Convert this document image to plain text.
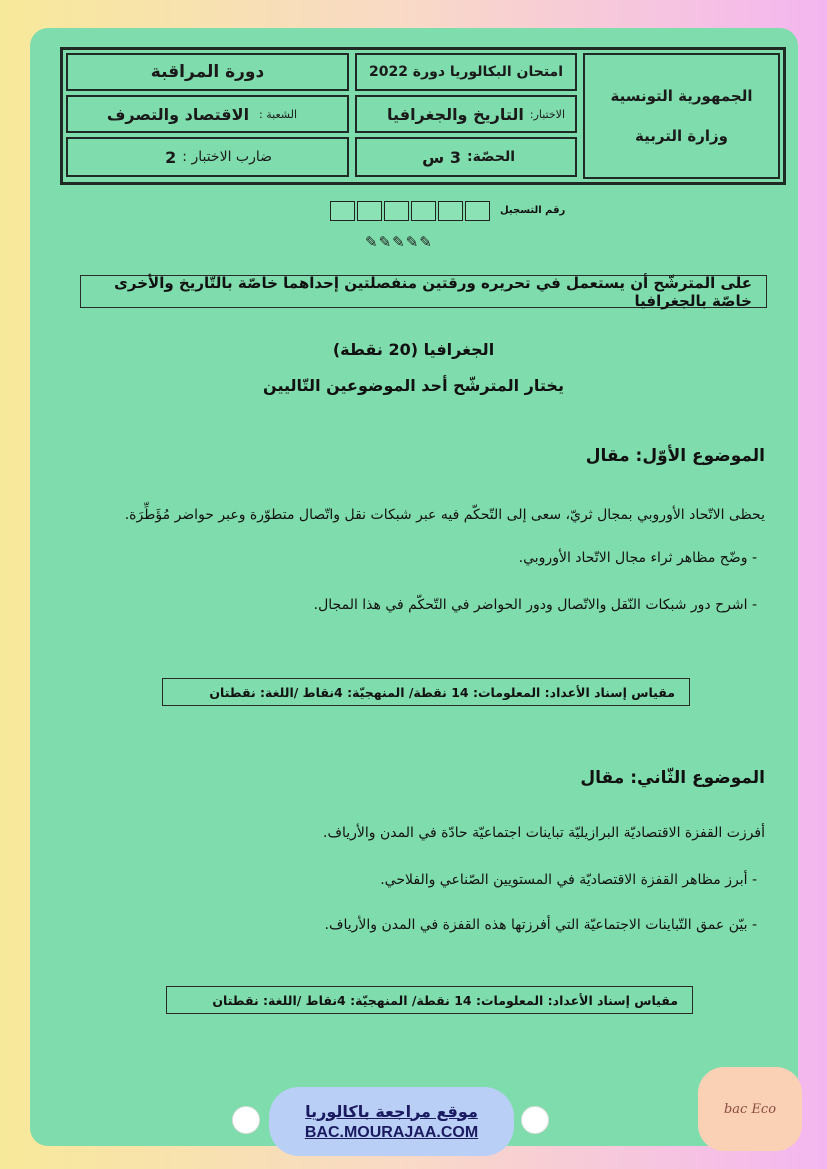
الجمهورية التونسية
وزارة التربية
امتحان البكالوريا دورة 2022
الاختبار:
التاريخ والجغرافيا
الحصّة:
3 س
دورة المراقبة
الشعبة :
الاقتصاد والتصرف
ضارب الاختبار :
2
رقم التسجيل
✎✎✎✎✎
على المترشّح أن يستعمل في تحريره ورقتين منفصلتين إحداهما خاصّة بالتّاريخ والأخرى خاصّة بالجغرافيا
الجغرافيا (20 نقطة)
يختار المترشّح أحد الموضوعين التّاليين
الموضوع الأوّل: مقال
يحظى الاتّحاد الأوروبي بمجال ثريّ، سعى إلى التّحكّم فيه عبر شبكات نقل واتّصال متطوّرة وعبر حواضر مُؤَطِّرَة.
- وضّح مظاهر ثراء مجال الاتّحاد الأوروبي.
- اشرح دور شبكات النّقل والاتّصال ودور الحواضر في التّحكّم في هذا المجال.
مقياس إسناد الأعداد: المعلومات: 14 نقطة/ المنهجيّة: 4نقاط /اللغة: نقطتان
الموضوع الثّاني: مقال
أفرزت القفزة الاقتصاديّة البرازيليّة تباينات اجتماعيّة حادّة في المدن والأرياف.
- أبرز مظاهر القفزة الاقتصاديّة في المستويين الصّناعي والفلاحي.
- بيّن عمق التّباينات الاجتماعيّة التي أفرزتها هذه القفزة في المدن والأرياف.
مقياس إسناد الأعداد: المعلومات: 14 نقطة/ المنهجيّة: 4نقاط /اللغة: نقطتان
موقع مراجعة باكالوريا
BAC.MOURAJAA.COM
bac Eco
